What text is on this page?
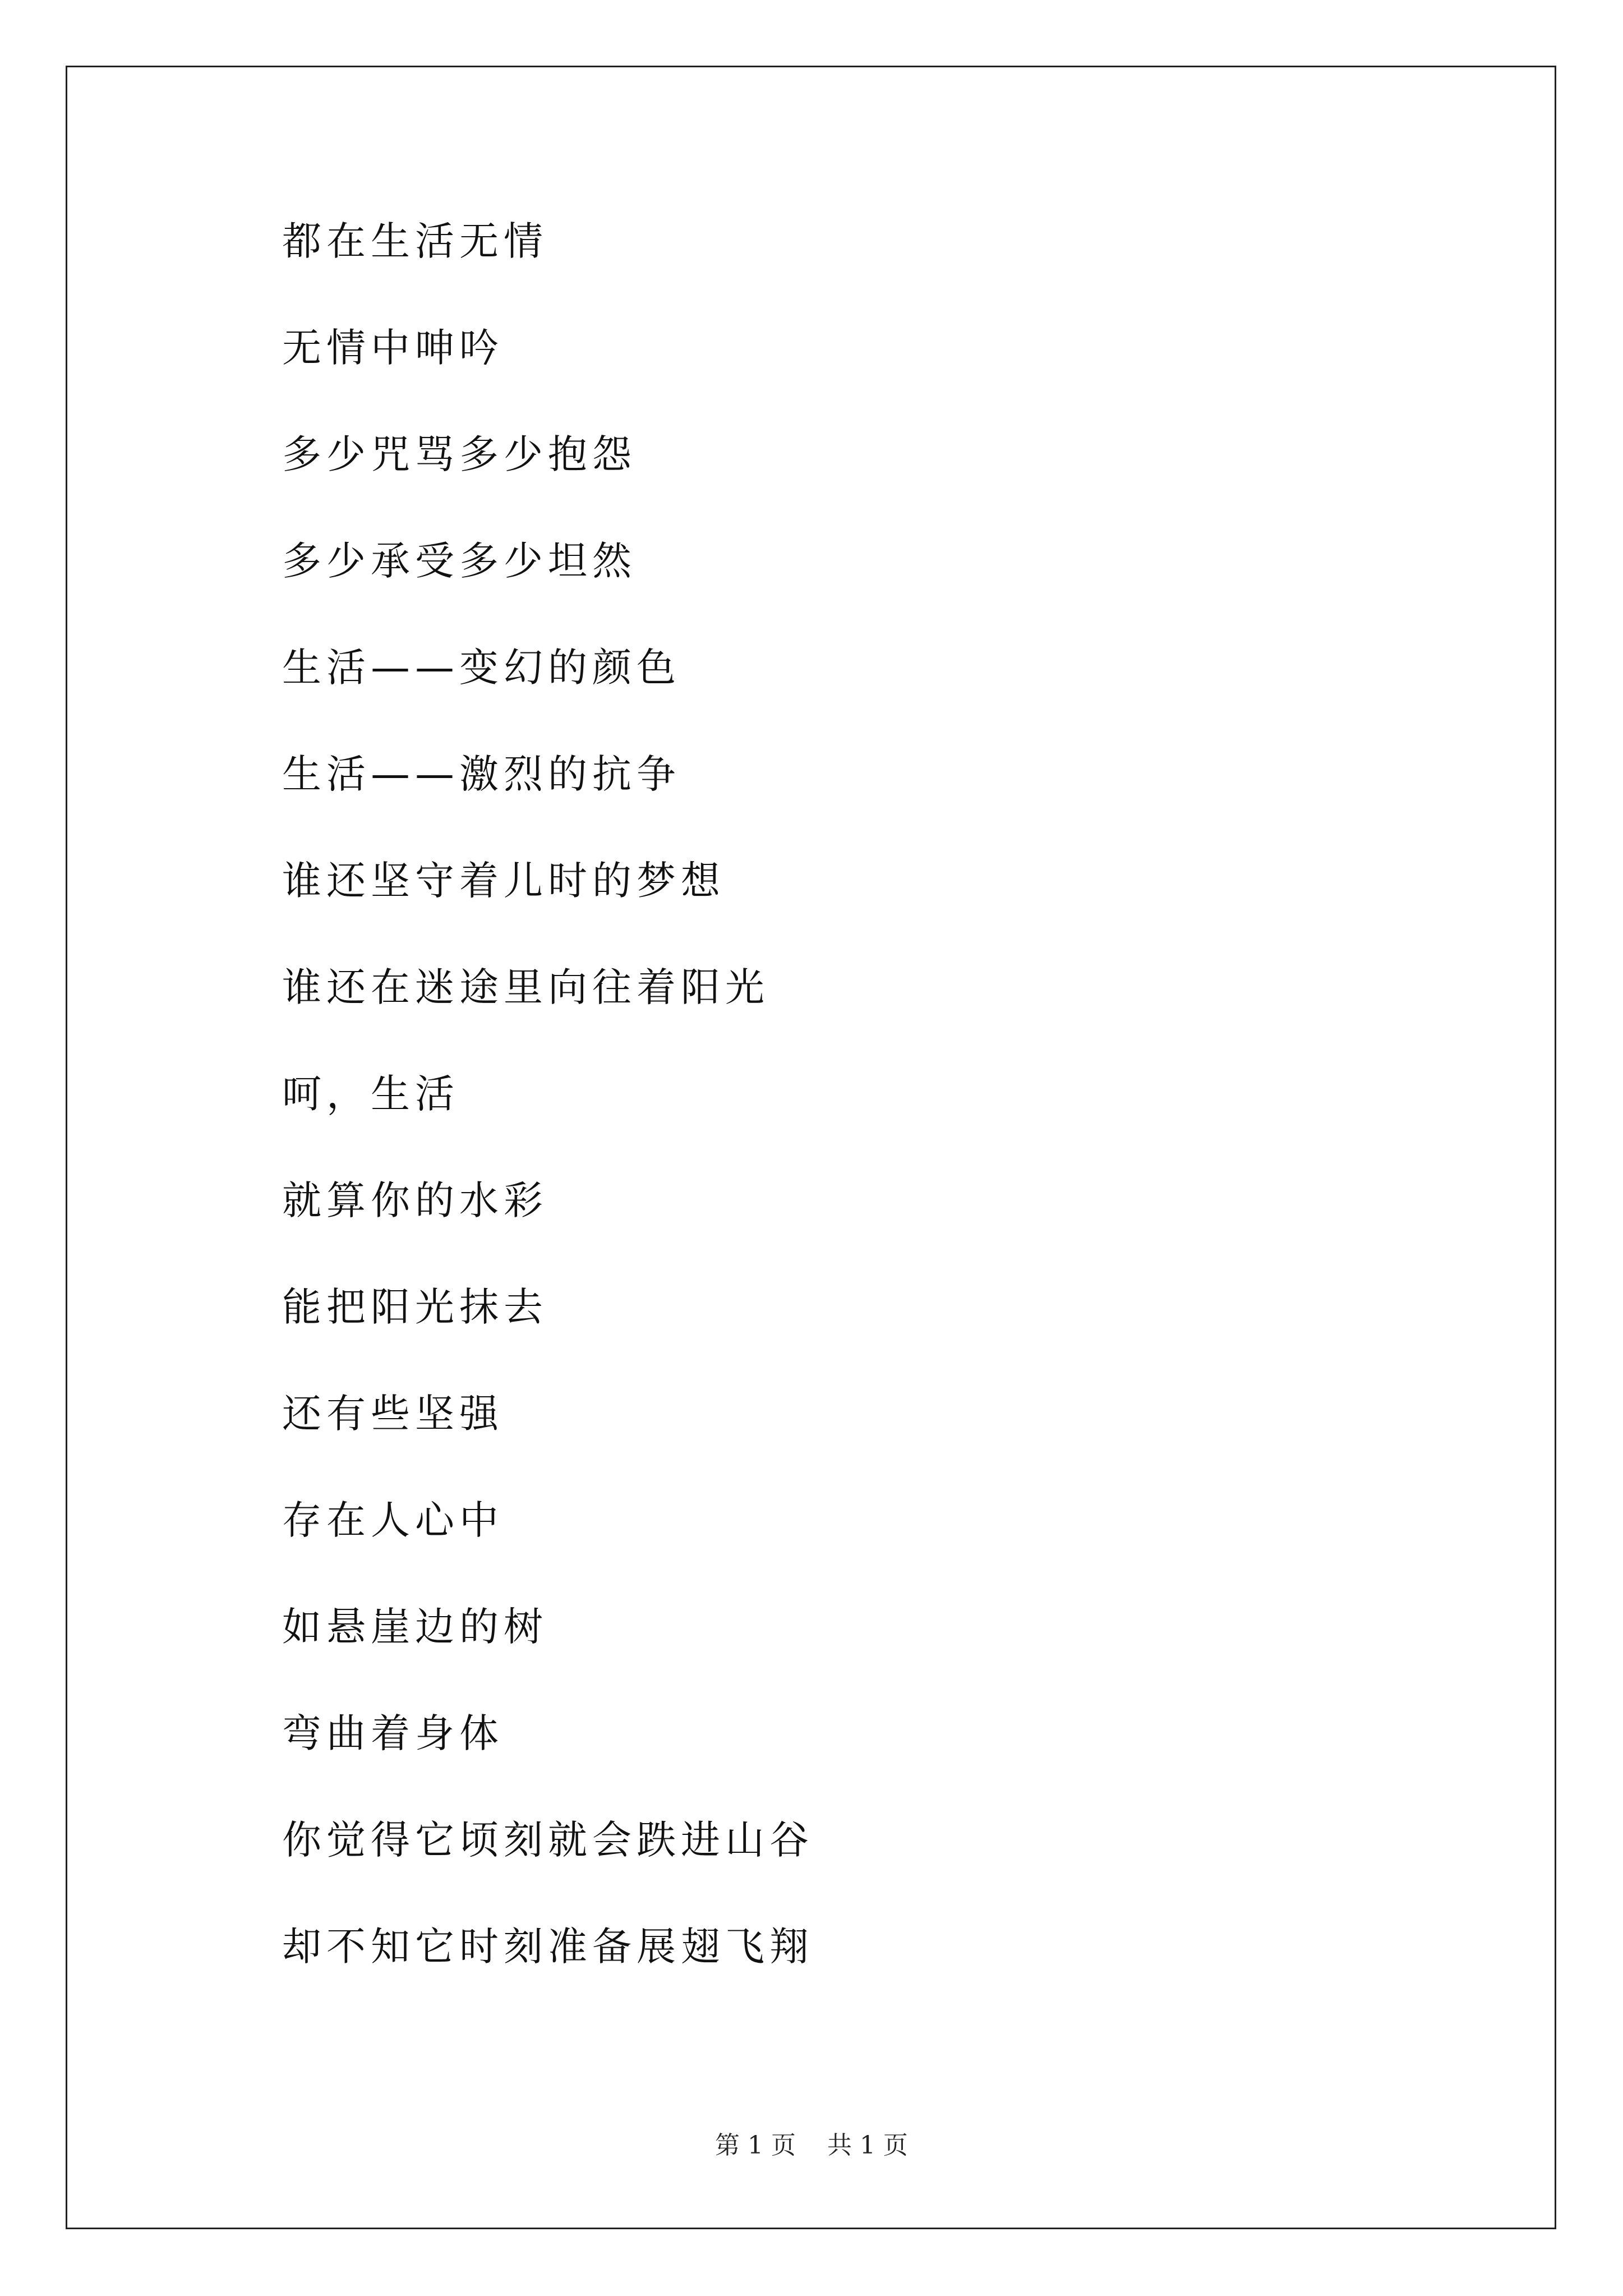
都在生活无情
无情中呻吟
多少咒骂多少抱怨
多少承受多少坦然
生活——变幻的颜色
生活——激烈的抗争
谁还坚守着儿时的梦想
谁还在迷途里向往着阳光
呵，生活
就算你的水彩
能把阳光抹去
还有些坚强
存在人心中
如悬崖边的树
弯曲着身体
你觉得它顷刻就会跌进山谷
却不知它时刻准备展翅飞翔
第 1 页    共 1 页
